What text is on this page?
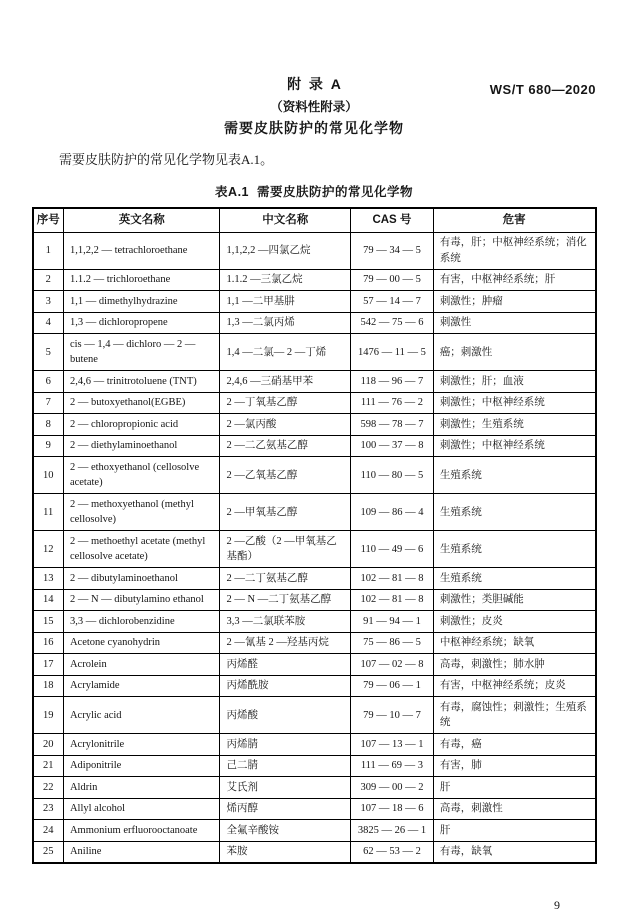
WS/T 680—2020
附  录  A
（资料性附录）
需要皮肤防护的常见化学物

需要皮肤防护的常见化学物见表A.1。

表A.1  需要皮肤防护的常见化学物
序号	英文名称	中文名称	CAS 号	危害
1	1,1,2,2 — tetrachloroethane	1,1,2,2 —四氯乙烷	79 — 34 — 5	有毒，肝；中枢神经系统；消化系统
2	1.1.2 — trichloroethane	1.1.2 —三氯乙烷	79 — 00 — 5	有害，中枢神经系统；肝
3	1,1 — dimethylhydrazine	1,1 —二甲基肼	57 — 14 — 7	刺激性；肿瘤
4	1,3 — dichloropropene	1,3 —二氯丙烯	542 — 75 — 6	刺激性
5	cis — 1,4 — dichloro — 2 — butene	1,4 —二氯— 2 —丁烯	1476 — 11 — 5	癌；刺激性
6	2,4,6 — trinitrotoluene (TNT)	2,4,6 —三硝基甲苯	118 — 96 — 7	刺激性；肝；血液
7	2 — butoxyethanol(EGBE)	2 —丁氧基乙醇	111 — 76 — 2	刺激性；中枢神经系统
8	2 — chloropropionic acid	2 —氯丙酸	598 — 78 — 7	刺激性；生殖系统
9	2 — diethylaminoethanol	2 —二乙氨基乙醇	100 — 37 — 8	刺激性；中枢神经系统
10	2 — ethoxyethanol (cellosolve acetate)	2 —乙氧基乙醇	110 — 80 — 5	生殖系统
11	2 — methoxyethanol (methyl cellosolve)	2 —甲氧基乙醇	109 — 86 — 4	生殖系统
12	2 — methoethyl acetate (methyl cellosolve acetate)	2 —乙酸（2 —甲氧基乙基酯）	110 — 49 — 6	生殖系统
13	2 — dibutylaminoethanol	2 —二丁氨基乙醇	102 — 81 — 8	生殖系统
14	2 — N — dibutylamino ethanol	2 — N —二丁氨基乙醇	102 — 81 — 8	刺激性；类胆碱能
15	3,3 — dichlorobenzidine	3,3 —二氯联苯胺	91 — 94 — 1	刺激性；皮炎
16	Acetone cyanohydrin	2 —氰基 2 —羟基丙烷	75 — 86 — 5	中枢神经系统；缺氧
17	Acrolein	丙烯醛	107 — 02 — 8	高毒，刺激性；肺水肿
18	Acrylamide	丙烯酰胺	79 — 06 — 1	有害，中枢神经系统；皮炎
19	Acrylic acid	丙烯酸	79 — 10 — 7	有毒，腐蚀性；刺激性；生殖系统
20	Acrylonitrile	丙烯腈	107 — 13 — 1	有毒，癌
21	Adiponitrile	己二腈	111 — 69 — 3	有害，肺
22	Aldrin	艾氏剂	309 — 00 — 2	肝
23	Allyl alcohol	烯丙醇	107 — 18 — 6	高毒，刺激性
24	Ammonium erfluorooctanoate	全氟辛酸铵	3825 — 26 — 1	肝
25	Aniline	苯胺	62 — 53 — 2	有毒，缺氧
9
